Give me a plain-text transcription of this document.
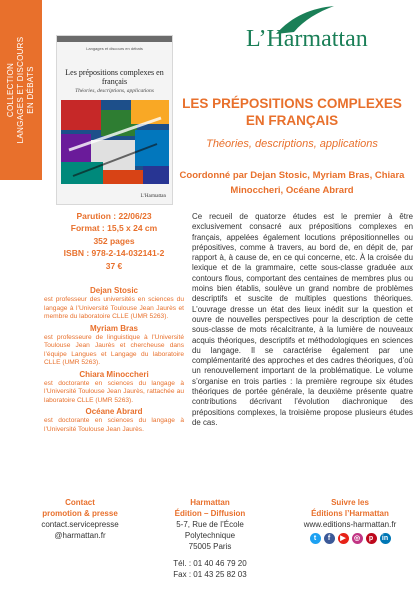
COLLECTION LANGAGES ET DISCOURS EN DÉBATS
L’Harmattan
Langages et discours en débats
Les prépositions complexes en français
Théories, descriptions, applications
L’Harmattan
LES PRÉPOSITIONS COMPLEXES EN FRANÇAIS

Théories, descriptions, applications

Coordonné par Dejan Stosic, Myriam Bras, Chiara Minoccheri, Océane Abrard

Parution : 22/06/23
Format : 15,5 x 24 cm
352 pages
ISBN : 978-2-14-032141-2
37 €
Dejan Stosic
est professeur des universités en sciences du langage à l’Université Toulouse Jean Jaurès et membre du laboratoire CLLE (UMR 5263).
Myriam Bras
est professeure de linguistique à l’Université Toulouse Jean Jaurès et chercheuse dans l’équipe Langues et Langage du laboratoire CLLE (UMR 5263).
Chiara Minoccheri
est doctorante en sciences du langage à l’Université Toulouse Jean Jaurès, rattachée au laboratoire CLLE (UMR 5263).
Océane Abrard
est doctorante en sciences du langage à l’Université Toulouse Jean Jaurès.

Ce recueil de quatorze études est le premier à être exclusivement consacré aux prépositions complexes en français, appelées également locutions prépositionnelles ou prépositives, comme à travers, au bord de, en dépit de, par rapport à, à cause de, en ce qui concerne, etc. À la croisée du lexique et de la grammaire, cette sous-classe graduée aux contours flous, comportant des centaines de membres plus ou moins bien établis, soulève un grand nombre de problèmes descriptifs et suscite de multiples questions théoriques. L’ouvrage dresse un état des lieux inédit sur la question et ouvre de nouvelles perspectives pour la description de cette sous-classe de mots récalcitrante, à la lumière de nouveaux acquis théoriques, descriptifs et méthodologiques en sciences du langage. Il se caractérise également par une complémentarité des approches et des cadres théoriques, d’où un renouvellement important de la problématique. Le volume s’organise en trois parties : la première regroupe six études théoriques de portée générale, la deuxième présente quatre contributions décrivant l’évolution diachronique des prépositions complexes, la troisième propose plusieurs études de cas.

Contact
promotion & presse
contact.servicepresse
@harmattan.fr
Harmattan
Édition – Diffusion
5-7, Rue de l’École
Polytechnique
75005 Paris
Tél. : 01 40 46 79 20
Fax : 01 43 25 82 03
Suivre les
Éditions l’Harmattan
www.editions-harmattan.fr
t	f	▶	◎	p	in
